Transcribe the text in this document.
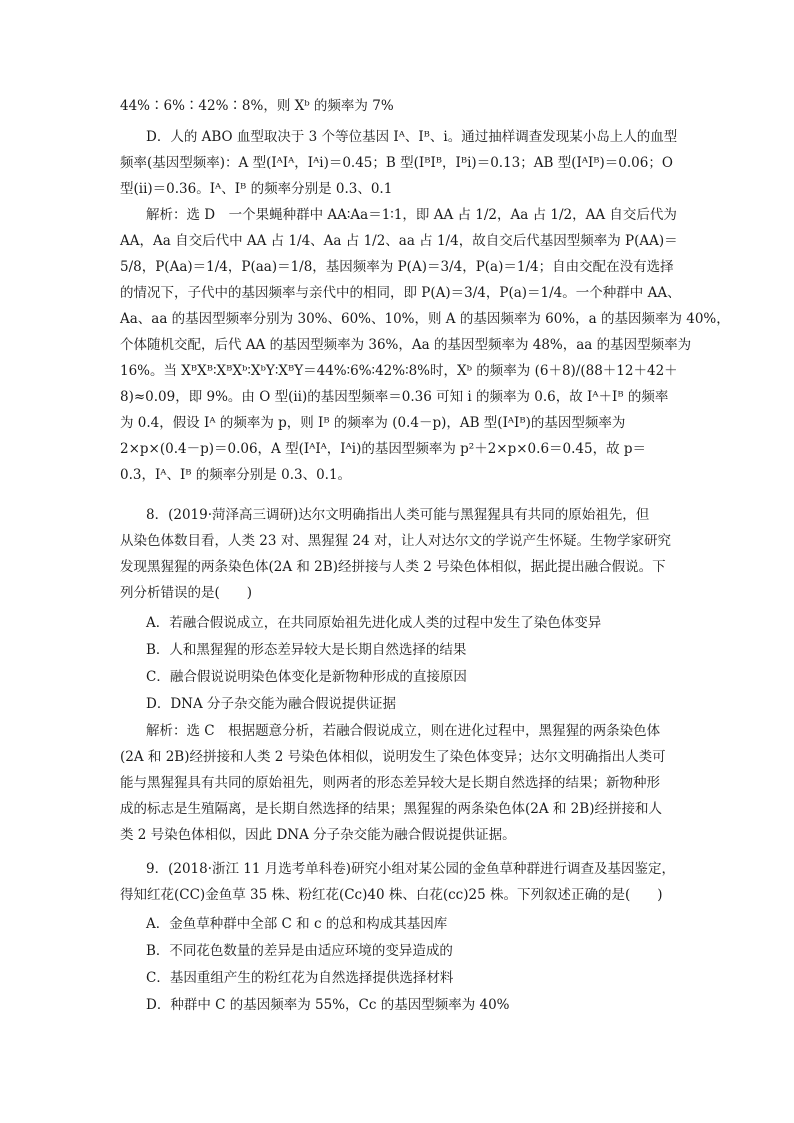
44%∶6%∶42%∶8%，则 Xᵇ 的频率为 7%
D．人的 ABO 血型取决于 3 个等位基因 Iᴬ、Iᴮ、i。通过抽样调查发现某小岛上人的血型
频率(基因型频率)：A 型(IᴬIᴬ，Iᴬi)＝0.45；B 型(IᴮIᴮ，Iᴮi)＝0.13；AB 型(IᴬIᴮ)＝0.06；O
型(ii)＝0.36。Iᴬ、Iᴮ 的频率分别是 0.3、0.1
解析：选 D　一个果蝇种群中 AA∶Aa＝1∶1，即 AA 占 1/2，Aa 占 1/2，AA 自交后代为
AA，Aa 自交后代中 AA 占 1/4、Aa 占 1/2、aa 占 1/4，故自交后代基因型频率为 P(AA)＝
5/8，P(Aa)＝1/4，P(aa)＝1/8，基因频率为 P(A)＝3/4，P(a)＝1/4；自由交配在没有选择
的情况下，子代中的基因频率与亲代中的相同，即 P(A)＝3/4，P(a)＝1/4。一个种群中 AA、
Aa、aa 的基因型频率分别为 30%、60%、10%，则 A 的基因频率为 60%，a 的基因频率为 40%，
个体随机交配，后代 AA 的基因型频率为 36%，Aa 的基因型频率为 48%，aa 的基因型频率为
16%。当 XᴮXᴮ∶XᴮXᵇ∶XᵇY∶XᴮY＝44%∶6%∶42%∶8%时，Xᵇ 的频率为 (6＋8)/(88＋12＋42＋
8)≈0.09，即 9%。由 O 型(ii)的基因型频率＝0.36 可知 i 的频率为 0.6，故 Iᴬ＋Iᴮ 的频率
为 0.4，假设 Iᴬ 的频率为 p，则 Iᴮ 的频率为 (0.4－p)，AB 型(IᴬIᴮ)的基因型频率为
2×p×(0.4－p)＝0.06，A 型(IᴬIᴬ，Iᴬi)的基因型频率为 p²＋2×p×0.6＝0.45，故 p＝
0.3，Iᴬ、Iᴮ 的频率分别是 0.3、0.1。
8．(2019·菏泽高三调研)达尔文明确指出人类可能与黑猩猩具有共同的原始祖先，但
从染色体数目看，人类 23 对、黑猩猩 24 对，让人对达尔文的学说产生怀疑。生物学家研究
发现黑猩猩的两条染色体(2A 和 2B)经拼接与人类 2 号染色体相似，据此提出融合假说。下
列分析错误的是(　　)
A．若融合假说成立，在共同原始祖先进化成人类的过程中发生了染色体变异
B．人和黑猩猩的形态差异较大是长期自然选择的结果
C．融合假说说明染色体变化是新物种形成的直接原因
D．DNA 分子杂交能为融合假说提供证据
解析：选 C　根据题意分析，若融合假说成立，则在进化过程中，黑猩猩的两条染色体
(2A 和 2B)经拼接和人类 2 号染色体相似，说明发生了染色体变异；达尔文明确指出人类可
能与黑猩猩具有共同的原始祖先，则两者的形态差异较大是长期自然选择的结果；新物种形
成的标志是生殖隔离，是长期自然选择的结果；黑猩猩的两条染色体(2A 和 2B)经拼接和人
类 2 号染色体相似，因此 DNA 分子杂交能为融合假说提供证据。
9．(2018·浙江 11 月选考单科卷)研究小组对某公园的金鱼草种群进行调查及基因鉴定，
得知红花(CC)金鱼草 35 株、粉红花(Cc)40 株、白花(cc)25 株。下列叙述正确的是(　　)
A．金鱼草种群中全部 C 和 c 的总和构成其基因库
B．不同花色数量的差异是由适应环境的变异造成的
C．基因重组产生的粉红花为自然选择提供选择材料
D．种群中 C 的基因频率为 55%，Cc 的基因型频率为 40%
